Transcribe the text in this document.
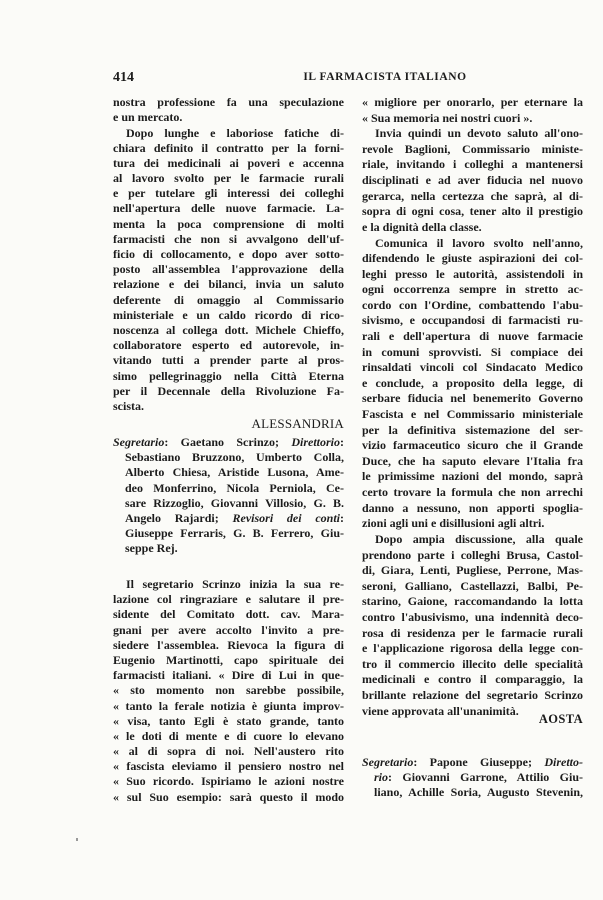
414	IL FARMACISTA ITALIANO
nostra professione fa una speculazione
e un mercato.
Dopo lunghe e laboriose fatiche di-
chiara definito il contratto per la forni-
tura dei medicinali ai poveri e accenna
al lavoro svolto per le farmacie rurali
e per tutelare gli interessi dei colleghi
nell'apertura delle nuove farmacie. La-
menta la poca comprensione di molti
farmacisti che non si avvalgono dell'uf-
ficio di collocamento, e dopo aver sotto-
posto all'assemblea l'approvazione della
relazione e dei bilanci, invia un saluto
deferente di omaggio al Commissario
ministeriale e un caldo ricordo di rico-
noscenza al collega dott. Michele Chieffo,
collaboratore esperto ed autorevole, in-
vitando tutti a prender parte al pros-
simo pellegrinaggio nella Città Eterna
per il Decennale della Rivoluzione Fa-
scista.
ALESSANDRIA
Segretario: Gaetano Scrinzo; Direttorio:
Sebastiano Bruzzono, Umberto Colla,
Alberto Chiesa, Aristide Lusona, Ame-
deo Monferrino, Nicola Perniola, Ce-
sare Rizzoglio, Giovanni Villosio, G. B.
Angelo Rajardi; Revisori dei conti:
Giuseppe Ferraris, G. B. Ferrero, Giu-
seppe Rej.
Il segretario Scrinzo inizia la sua re-
lazione col ringraziare e salutare il pre-
sidente del Comitato dott. cav. Mara-
gnani per avere accolto l'invito a pre-
siedere l'assemblea. Rievoca la figura di
Eugenio Martinotti, capo spirituale dei
farmacisti italiani. « Dire di Lui in que-
« sto momento non sarebbe possibile,
« tanto la ferale notizia è giunta improv-
« visa, tanto Egli è stato grande, tanto
« le doti di mente e di cuore lo elevano
« al di sopra di noi. Nell'austero rito
« fascista eleviamo il pensiero nostro nel
« Suo ricordo. Ispiriamo le azioni nostre
« sul Suo esempio: sarà questo il modo
« migliore per onorarlo, per eternare la
« Sua memoria nei nostri cuori ».
Invia quindi un devoto saluto all'ono-
revole Baglioni, Commissario ministe-
riale, invitando i colleghi a mantenersi
disciplinati e ad aver fiducia nel nuovo
gerarca, nella certezza che saprà, al di-
sopra di ogni cosa, tener alto il prestigio
e la dignità della classe.
Comunica il lavoro svolto nell'anno,
difendendo le giuste aspirazioni dei col-
leghi presso le autorità, assistendoli in
ogni occorrenza sempre in stretto ac-
cordo con l'Ordine, combattendo l'abu-
sivismo, e occupandosi di farmacisti ru-
rali e dell'apertura di nuove farmacie
in comuni sprovvisti. Si compiace dei
rinsaldati vincoli col Sindacato Medico
e conclude, a proposito della legge, di
serbare fiducia nel benemerito Governo
Fascista e nel Commissario ministeriale
per la definitiva sistemazione del ser-
vizio farmaceutico sicuro che il Grande
Duce, che ha saputo elevare l'Italia fra
le primissime nazioni del mondo, saprà
certo trovare la formula che non arrechi
danno a nessuno, non apporti spoglia-
zioni agli uni e disillusioni agli altri.
Dopo ampia discussione, alla quale
prendono parte i colleghi Brusa, Castol-
di, Giara, Lenti, Pugliese, Perrone, Mas-
seroni, Galliano, Castellazzi, Balbi, Pe-
starino, Gaione, raccomandando la lotta
contro l'abusivismo, una indennità deco-
rosa di residenza per le farmacie rurali
e l'applicazione rigorosa della legge con-
tro il commercio illecito delle specialità
medicinali e contro il comparaggio, la
brillante relazione del segretario Scrinzo
viene approvata all'unanimità.
AOSTA
Segretario: Papone Giuseppe; Diretto-
rio: Giovanni Garrone, Attilio Giu-
liano, Achille Soria, Augusto Stevenin,
